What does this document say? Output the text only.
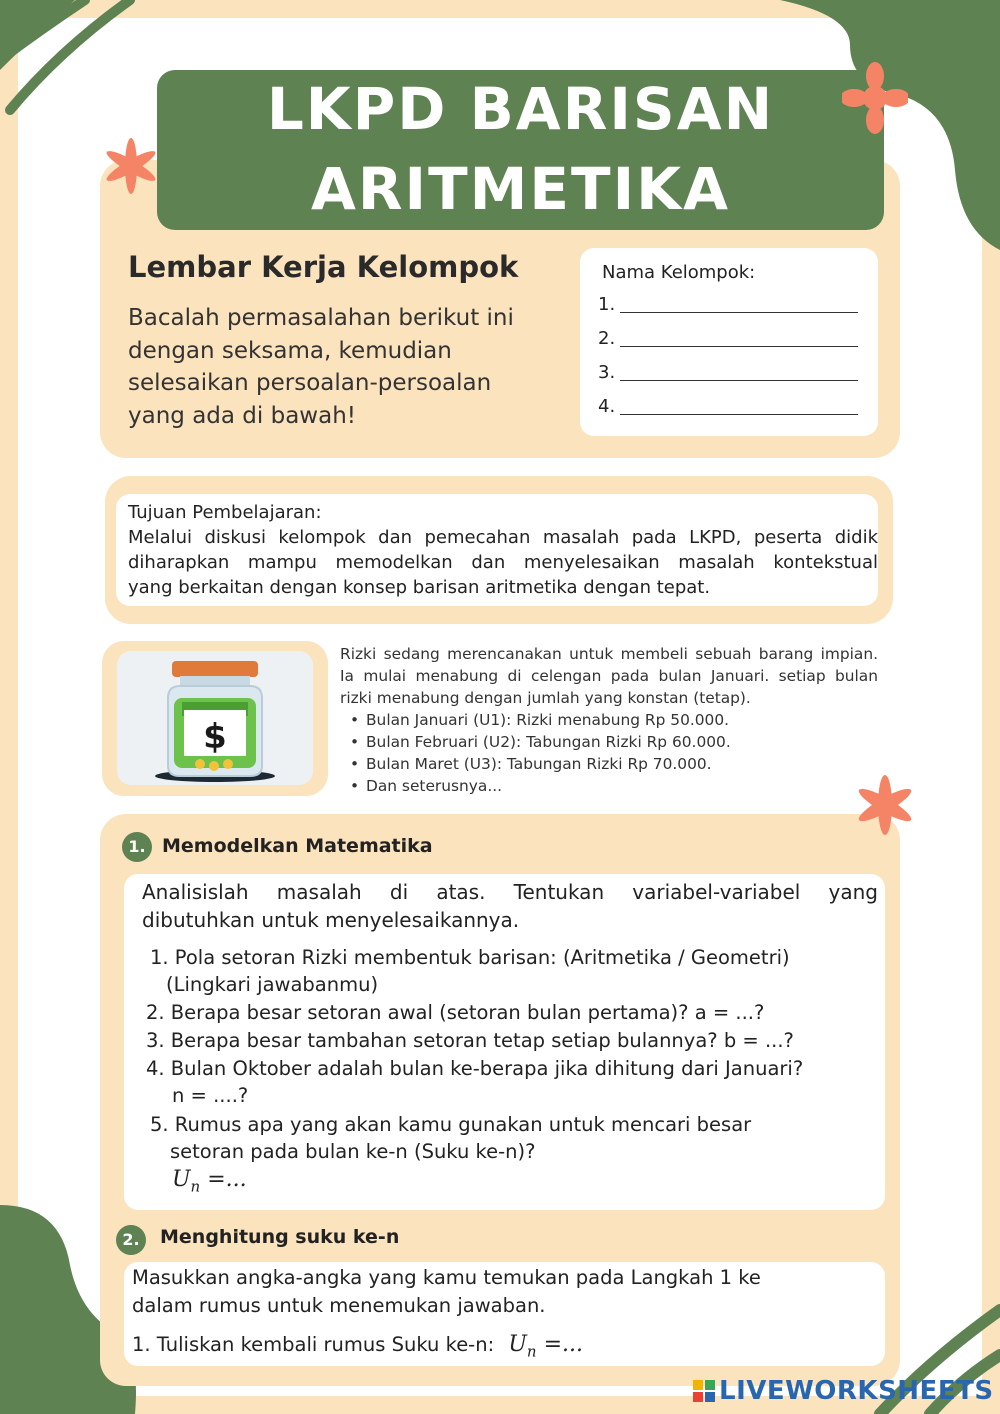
LKPD BARISAN
ARITMETIKA
Lembar Kerja Kelompok
Bacalah permasalahan berikut ini
dengan seksama, kemudian
selesaikan persoalan-persoalan
yang ada di bawah!
Nama Kelompok:
1.
2.
3.
4.
Tujuan Pembelajaran:
Melalui diskusi kelompok dan pemecahan masalah pada LKPD, peserta didik
diharapkan mampu memodelkan dan menyelesaikan masalah kontekstual
yang berkaitan dengan konsep barisan aritmetika dengan tepat.
$
Rizki sedang merencanakan untuk membeli sebuah barang impian.
Ia mulai menabung di celengan pada bulan Januari. setiap bulan
rizki menabung dengan jumlah yang konstan (tetap).
• Bulan Januari (U1): Rizki menabung Rp 50.000.
• Bulan Februari (U2): Tabungan Rizki Rp 60.000.
• Bulan Maret (U3): Tabungan Rizki Rp 70.000.
• Dan seterusnya...
1. Memodelkan Matematika
Analisislah masalah di atas. Tentukan variabel-variabel yang
dibutuhkan untuk menyelesaikannya.
1. Pola setoran Rizki membentuk barisan: (Aritmetika / Geometri)
(Lingkari jawabanmu)
2. Berapa besar setoran awal (setoran bulan pertama)? a = ...?
3. Berapa besar tambahan setoran tetap setiap bulannya? b = ...?
4. Bulan Oktober adalah bulan ke-berapa jika dihitung dari Januari?
n = ....?
5. Rumus apa yang akan kamu gunakan untuk mencari besar
setoran pada bulan ke-n (Suku ke-n)?
$U_n$ =...
2.	Menghitung suku ke-n
Masukkan angka-angka yang kamu temukan pada Langkah 1 ke
dalam rumus untuk menemukan jawaban.
1. Tuliskan kembali rumus Suku ke-n: $U_n$ =...
LIVEWORKSHEETS
